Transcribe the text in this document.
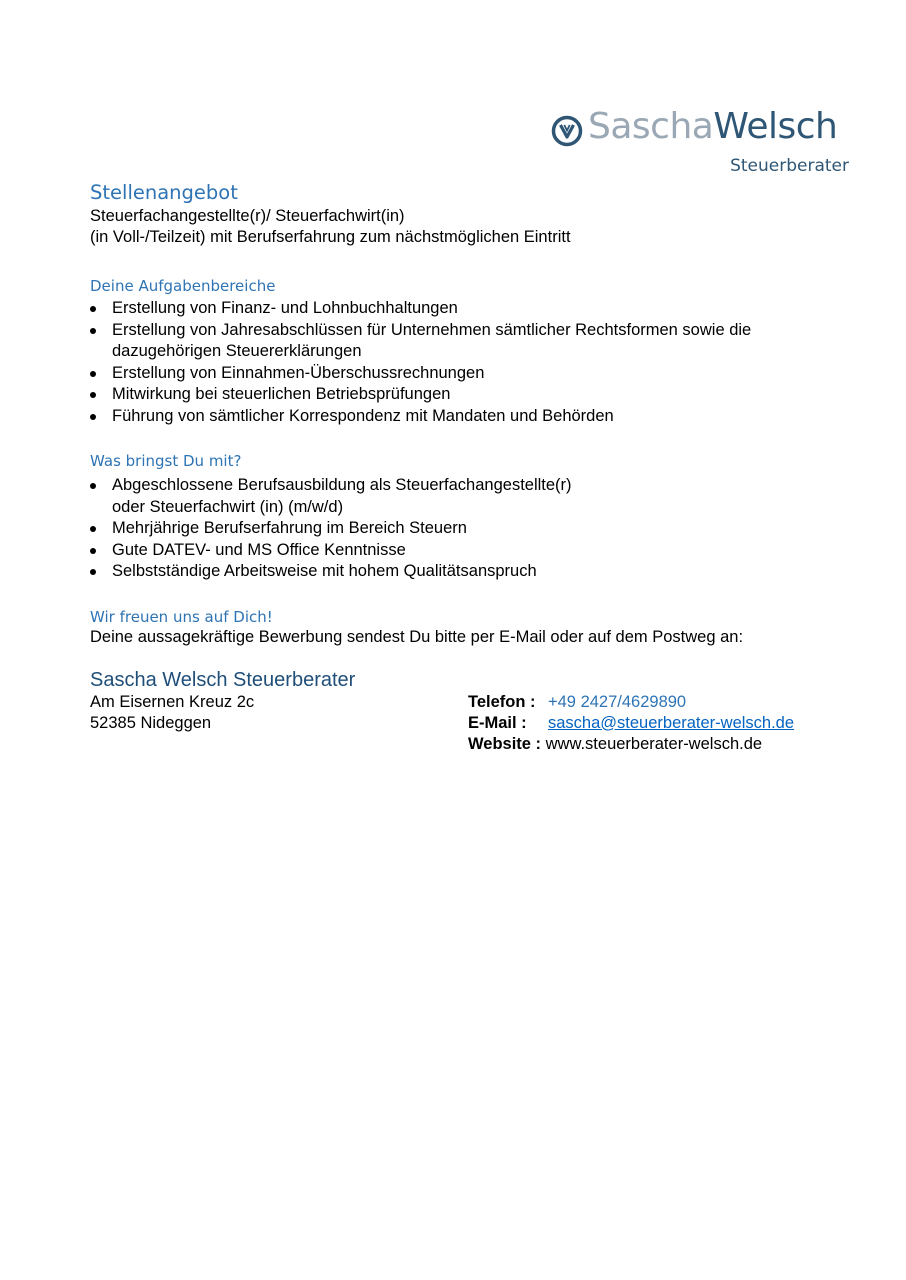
SaschaWelsch
Steuerberater
Stellenangebot

Steuerfachangestellte(r)/ Steuerfachwirt(in)

(in Voll-/Teilzeit) mit Berufserfahrung zum nächstmöglichen Eintritt

Deine Aufgabenbereiche
Erstellung von Finanz- und Lohnbuchhaltungen
Erstellung von Jahresabschlüssen für Unternehmen sämtlicher Rechtsformen sowie die dazugehörigen Steuererklärungen
Erstellung von Einnahmen-Überschussrechnungen
Mitwirkung bei steuerlichen Betriebsprüfungen
Führung von sämtlicher Korrespondenz mit Mandaten und Behörden
Was bringst Du mit?
Abgeschlossene Berufsausbildung als Steuerfachangestellte(r)
oder Steuerfachwirt (in) (m/w/d)
Mehrjährige Berufserfahrung im Bereich Steuern
Gute DATEV- und MS Office Kenntnisse
Selbstständige Arbeitsweise mit hohem Qualitätsanspruch
Wir freuen uns auf Dich!

Deine aussagekräftige Bewerbung sendest Du bitte per E-Mail oder auf dem Postweg an:

Sascha Welsch Steuerberater

Am Eisernen Kreuz 2c
52385 Nideggen
Telefon : +49 2427/4629890
E-Mail : sascha@steuerberater-welsch.de
Website : www.steuerberater-welsch.de
